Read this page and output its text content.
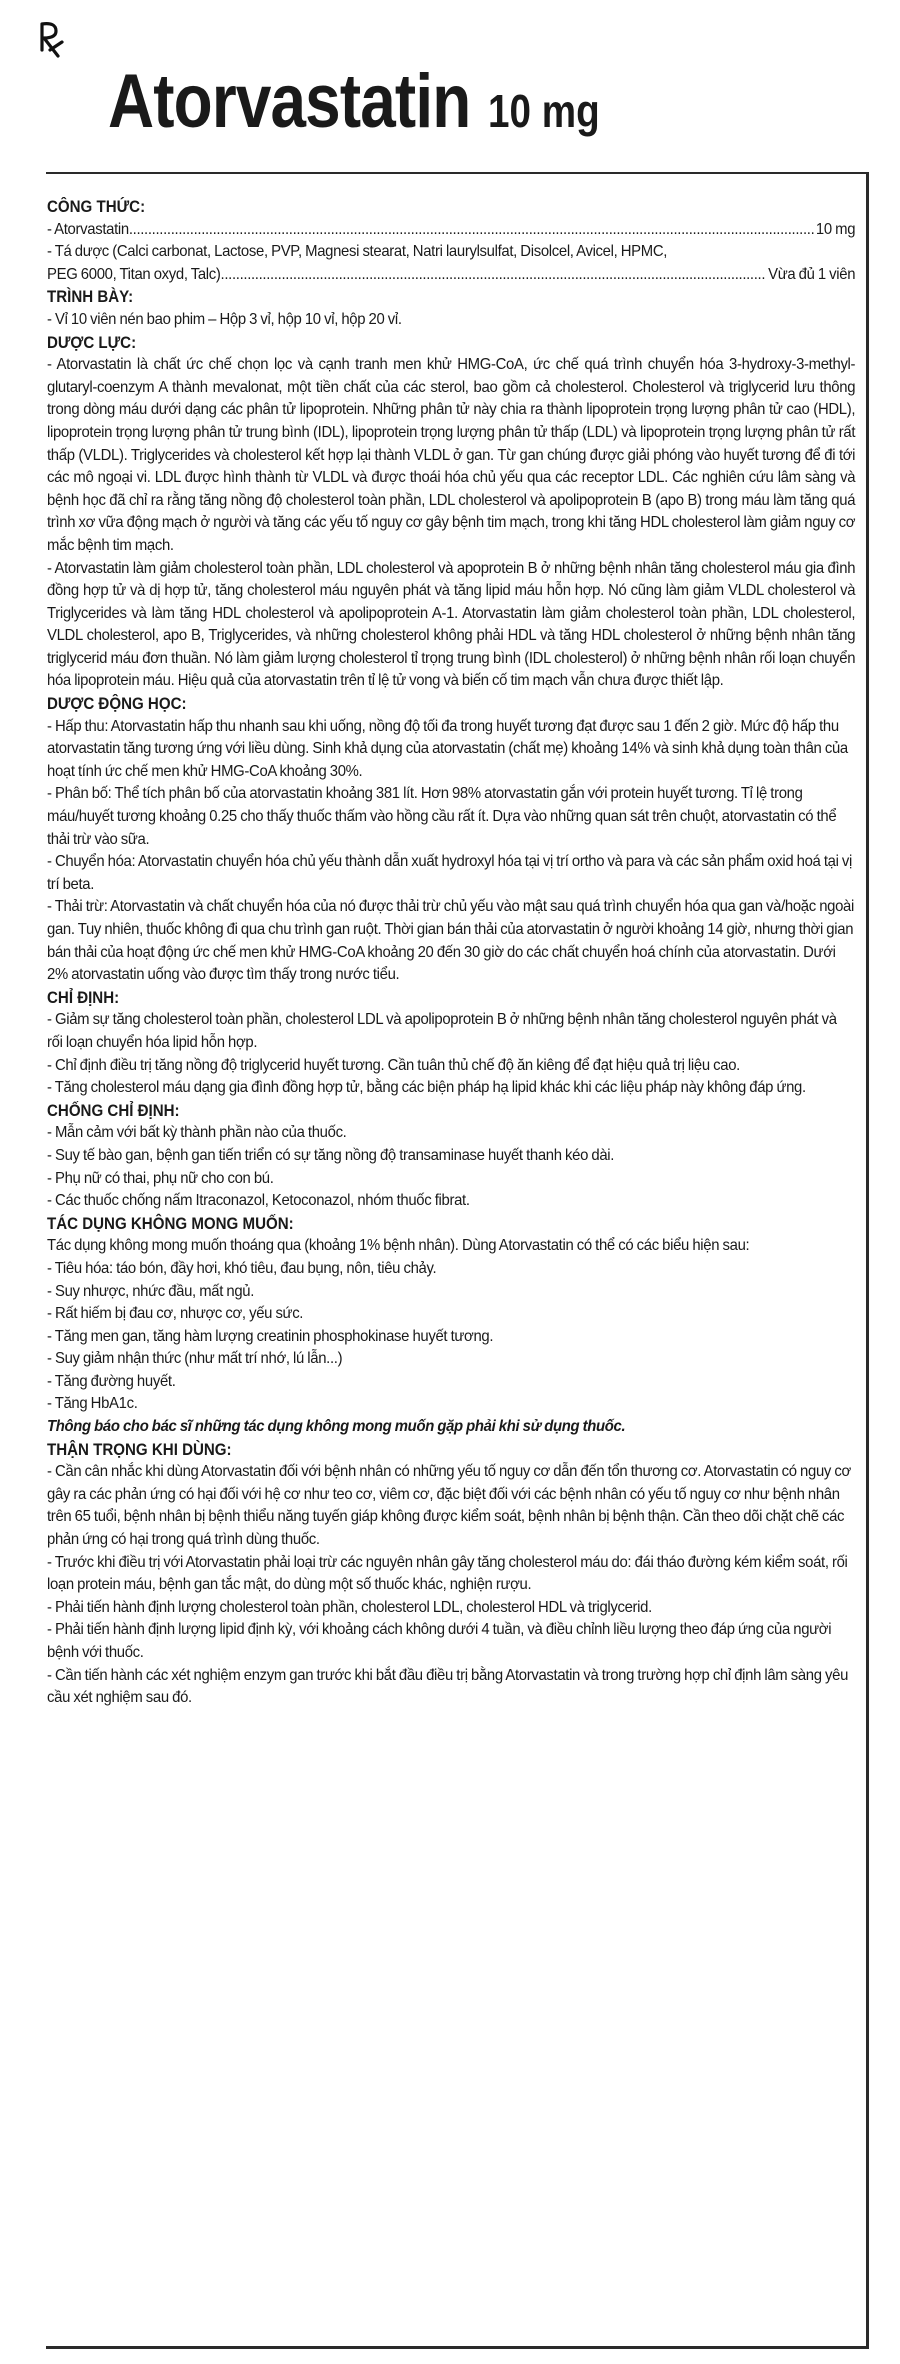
Atorvastatin 10 mg
CÔNG THỨC:
- Atorvastatin .....	10 mg

- Tá dược (Calci carbonat, Lactose, PVP, Magnesi stearat, Natri laurylsulfat, Disolcel, Avicel, HPMC,

PEG 6000, Titan oxyd, Talc) .....	Vừa đủ 1 viên
TRÌNH BÀY:

- Vỉ 10 viên nén bao phim – Hộp 3 vỉ, hộp 10 vỉ, hộp 20 vỉ.

DƯỢC LỰC:

- Atorvastatin là chất ức chế chọn lọc và cạnh tranh men khử HMG-CoA, ức chế quá trình chuyển hóa 3-hydroxy-3-methyl-glutaryl-coenzym A thành mevalonat, một tiền chất của các sterol, bao gồm cả cholesterol. Cholesterol và triglycerid lưu thông trong dòng máu dưới dạng các phân tử lipoprotein. Những phân tử này chia ra thành lipoprotein trọng lượng phân tử cao (HDL), lipoprotein trọng lượng phân tử trung bình (IDL), lipoprotein trọng lượng phân tử thấp (LDL) và lipoprotein trọng lượng phân tử rất thấp (VLDL). Triglycerides và cholesterol kết hợp lại thành VLDL ở gan. Từ gan chúng được giải phóng vào huyết tương để đi tới các mô ngoại vi. LDL được hình thành từ VLDL và được thoái hóa chủ yếu qua các receptor LDL. Các nghiên cứu lâm sàng và bệnh học đã chỉ ra rằng tăng nồng độ cholesterol toàn phần, LDL cholesterol và apolipoprotein B (apo B) trong máu làm tăng quá trình xơ vữa động mạch ở người và tăng các yếu tố nguy cơ gây bệnh tim mạch, trong khi tăng HDL cholesterol làm giảm nguy cơ mắc bệnh tim mạch.

- Atorvastatin làm giảm cholesterol toàn phần, LDL cholesterol và apoprotein B ở những bệnh nhân tăng cholesterol máu gia đình đồng hợp tử và dị hợp tử, tăng cholesterol máu nguyên phát và tăng lipid máu hỗn hợp. Nó cũng làm giảm VLDL cholesterol và Triglycerides và làm tăng HDL cholesterol và apolipoprotein A-1. Atorvastatin làm giảm cholesterol toàn phần, LDL cholesterol, VLDL cholesterol, apo B, Triglycerides, và những cholesterol không phải HDL và tăng HDL cholesterol ở những bệnh nhân tăng triglycerid máu đơn thuần. Nó làm giảm lượng cholesterol tỉ trọng trung bình (IDL cholesterol) ở những bệnh nhân rối loạn chuyển hóa lipoprotein máu. Hiệu quả của atorvastatin trên tỉ lệ tử vong và biến cố tim mạch vẫn chưa được thiết lập.

DƯỢC ĐỘNG HỌC:

- Hấp thu: Atorvastatin hấp thu nhanh sau khi uống, nồng độ tối đa trong huyết tương đạt được sau 1 đến 2 giờ. Mức độ hấp thu atorvastatin tăng tương ứng với liều dùng. Sinh khả dụng của atorvastatin (chất mẹ) khoảng 14% và sinh khả dụng toàn thân của hoạt tính ức chế men khử HMG-CoA khoảng 30%.

- Phân bố: Thể tích phân bố của atorvastatin khoảng 381 lít. Hơn 98% atorvastatin gắn với protein huyết tương. Tỉ lệ trong máu/huyết tương khoảng 0.25 cho thấy thuốc thấm vào hồng cầu rất ít. Dựa vào những quan sát trên chuột, atorvastatin có thể thải trừ vào sữa.

- Chuyển hóa: Atorvastatin chuyển hóa chủ yếu thành dẫn xuất hydroxyl hóa tại vị trí ortho và para và các sản phẩm oxid hoá tại vị trí beta.

- Thải trừ: Atorvastatin và chất chuyển hóa của nó được thải trừ chủ yếu vào mật sau quá trình chuyển hóa qua gan và/hoặc ngoài gan. Tuy nhiên, thuốc không đi qua chu trình gan ruột. Thời gian bán thải của atorvastatin ở người khoảng 14 giờ, nhưng thời gian bán thải của hoạt động ức chế men khử HMG-CoA khoảng 20 đến 30 giờ do các chất chuyển hoá chính của atorvastatin. Dưới 2% atorvastatin uống vào được tìm thấy trong nước tiểu.

CHỈ ĐỊNH:

- Giảm sự tăng cholesterol toàn phần, cholesterol LDL và apolipoprotein B ở những bệnh nhân tăng cholesterol nguyên phát và rối loạn chuyển hóa lipid hỗn hợp.

- Chỉ định điều trị tăng nồng độ triglycerid huyết tương. Cần tuân thủ chế độ ăn kiêng để đạt hiệu quả trị liệu cao.

- Tăng cholesterol máu dạng gia đình đồng hợp tử, bằng các biện pháp hạ lipid khác khi các liệu pháp này không đáp ứng.

CHỐNG CHỈ ĐỊNH:

- Mẫn cảm với bất kỳ thành phần nào của thuốc.

- Suy tế bào gan, bệnh gan tiến triển có sự tăng nồng độ transaminase huyết thanh kéo dài.

- Phụ nữ có thai, phụ nữ cho con bú.

- Các thuốc chống nấm Itraconazol, Ketoconazol, nhóm thuốc fibrat.

TÁC DỤNG KHÔNG MONG MUỐN:

Tác dụng không mong muốn thoáng qua (khoảng 1% bệnh nhân). Dùng Atorvastatin có thể có các biểu hiện sau:

- Tiêu hóa: táo bón, đầy hơi, khó tiêu, đau bụng, nôn, tiêu chảy.

- Suy nhược, nhức đầu, mất ngủ.

- Rất hiếm bị đau cơ, nhược cơ, yếu sức.

- Tăng men gan, tăng hàm lượng creatinin phosphokinase huyết tương.

- Suy giảm nhận thức (như mất trí nhớ, lú lẫn...)

- Tăng đường huyết.

- Tăng HbA1c.

Thông báo cho bác sĩ những tác dụng không mong muốn gặp phải khi sử dụng thuốc.

THẬN TRỌNG KHI DÙNG:

- Cần cân nhắc khi dùng Atorvastatin đối với bệnh nhân có những yếu tố nguy cơ dẫn đến tổn thương cơ. Atorvastatin có nguy cơ gây ra các phản ứng có hại đối với hệ cơ như teo cơ, viêm cơ, đặc biệt đối với các bệnh nhân có yếu tố nguy cơ như bệnh nhân trên 65 tuổi, bệnh nhân bị bệnh thiểu năng tuyến giáp không được kiểm soát, bệnh nhân bị bệnh thận. Cần theo dõi chặt chẽ các phản ứng có hại trong quá trình dùng thuốc.

- Trước khi điều trị với Atorvastatin phải loại trừ các nguyên nhân gây tăng cholesterol máu do: đái tháo đường kém kiểm soát, rối loạn protein máu, bệnh gan tắc mật, do dùng một số thuốc khác, nghiện rượu.

- Phải tiến hành định lượng cholesterol toàn phần, cholesterol LDL, cholesterol HDL và triglycerid.

- Phải tiến hành định lượng lipid định kỳ, với khoảng cách không dưới 4 tuần, và điều chỉnh liều lượng theo đáp ứng của người bệnh với thuốc.

- Cần tiến hành các xét nghiệm enzym gan trước khi bắt đầu điều trị bằng Atorvastatin và trong trường hợp chỉ định lâm sàng yêu cầu xét nghiệm sau đó.
